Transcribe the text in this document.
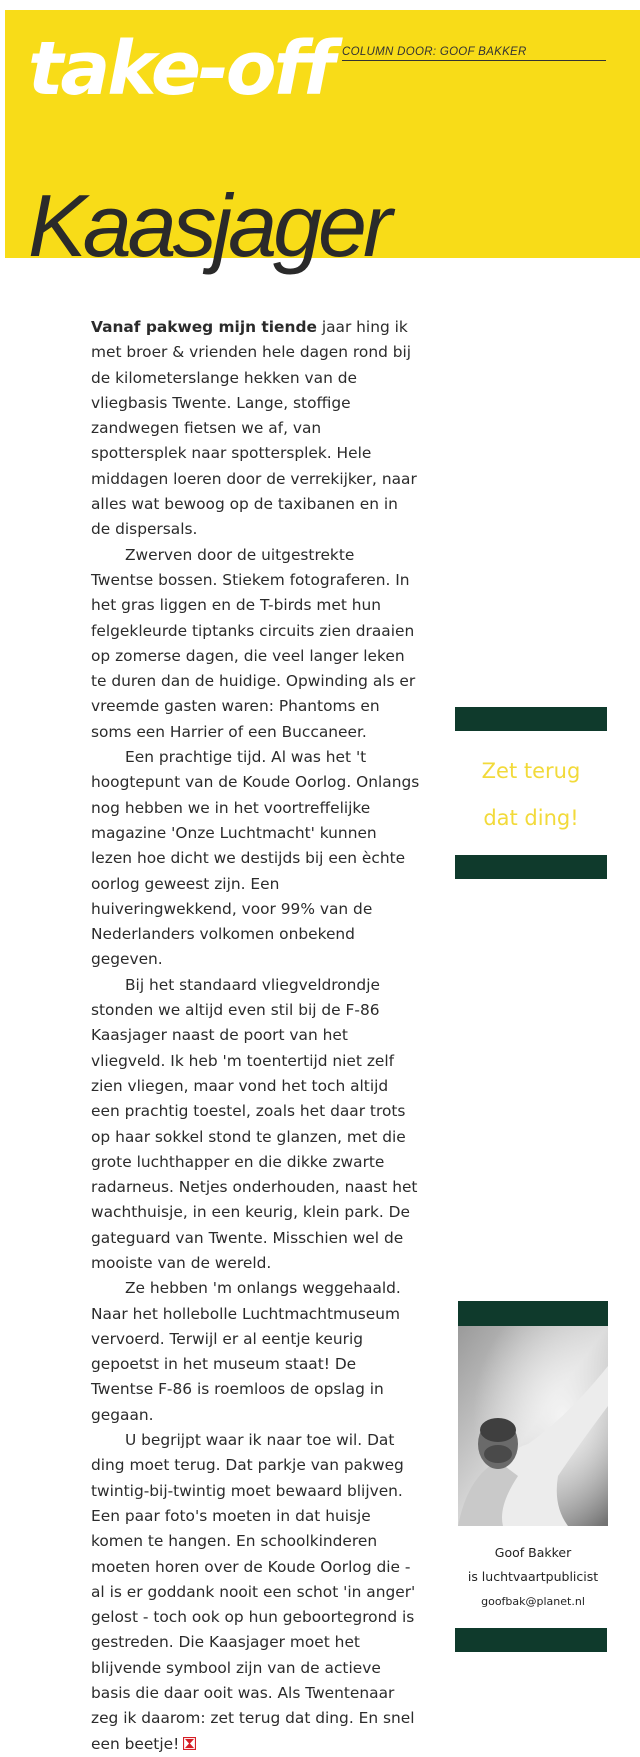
take-off COLUMN DOOR: GOOF BAKKER
Kaasjager

Vanaf pakweg mijn tiende jaar hing ik met broer & vrienden hele dagen rond bij de kilometerslange hekken van de vliegbasis Twente. Lange, stoffige zandwegen fietsen we af, van spottersplek naar spottersplek. Hele middagen loeren door de verrekijker, naar alles wat bewoog op de taxibanen en in de dispersals.

Zwerven door de uitgestrekte Twentse bossen. Stiekem fotograferen. In het gras liggen en de T-birds met hun felgekleurde tiptanks circuits zien draaien op zomerse dagen, die veel langer leken te duren dan de huidige. Opwinding als er vreemde gasten waren: Phantoms en soms een Harrier of een Buccaneer.

Een prachtige tijd. Al was het 't hoogtepunt van de Koude Oorlog. Onlangs nog hebben we in het voortreffelijke magazine 'Onze Luchtmacht' kunnen lezen hoe dicht we destijds bij een èchte oorlog geweest zijn. Een huiveringwekkend, voor 99% van de Nederlanders volkomen onbekend gegeven.

Bij het standaard vliegveldrondje stonden we altijd even stil bij de F-86 Kaasjager naast de poort van het vliegveld. Ik heb 'm toentertijd niet zelf zien vliegen, maar vond het toch altijd een prachtig toestel, zoals het daar trots op haar sokkel stond te glanzen, met die grote luchthapper en die dikke zwarte radarneus. Netjes onderhouden, naast het wachthuisje, in een keurig, klein park. De gateguard van Twente. Misschien wel de mooiste van de wereld.

Ze hebben 'm onlangs weggehaald. Naar het hollebolle Luchtmachtmuseum vervoerd. Terwijl er al eentje keurig gepoetst in het museum staat! De Twentse F-86 is roemloos de opslag in gegaan.

U begrijpt waar ik naar toe wil. Dat ding moet terug. Dat parkje van pakweg twintig-bij-twintig moet bewaard blijven. Een paar foto's moeten in dat huisje komen te hangen. En schoolkinderen moeten horen over de Koude Oorlog die - al is er goddank nooit een schot 'in anger' gelost - toch ook op hun geboortegrond is gestreden. Die Kaasjager moet het blijvende symbool zijn van de actieve basis die daar ooit was. Als Twentenaar zeg ik daarom: zet terug dat ding. En snel een beetje!

Zet terug
dat ding!
Goof Bakker
is luchtvaartpublicist
goofbak@planet.nl
